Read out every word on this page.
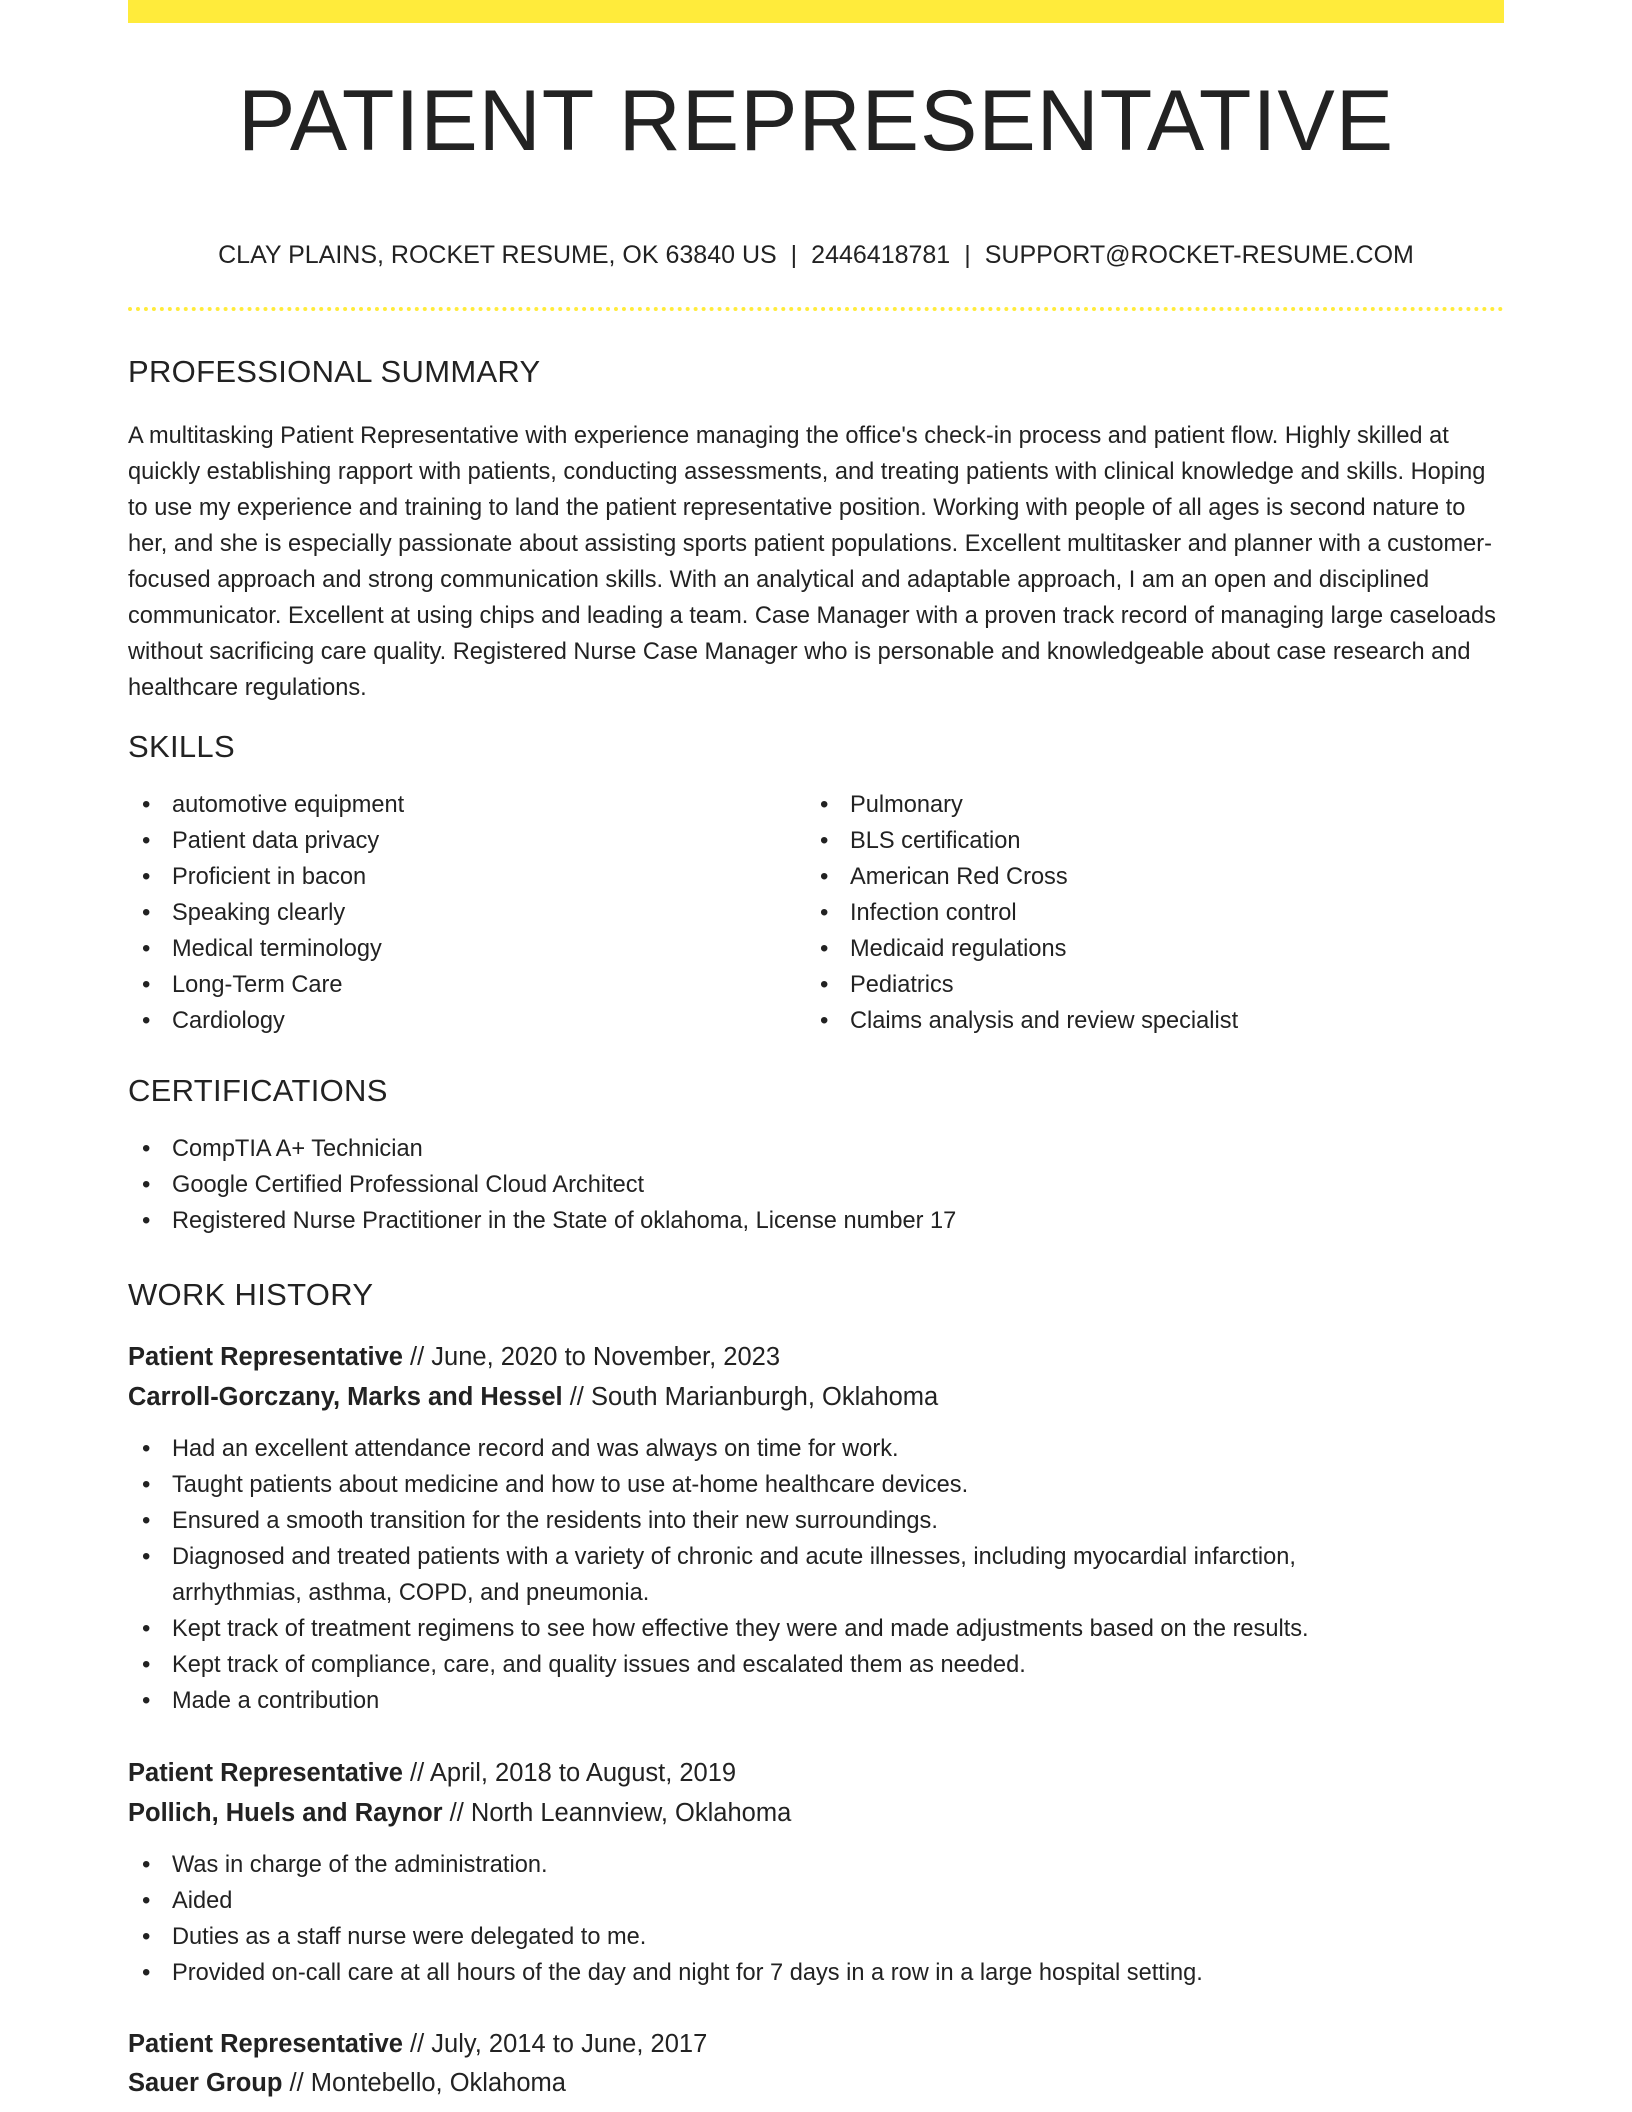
PATIENT REPRESENTATIVE
CLAY PLAINS, ROCKET RESUME, OK 63840 US | 2446418781 | SUPPORT@ROCKET-RESUME.COM
PROFESSIONAL SUMMARY

A multitasking Patient Representative with experience managing the office's check-in process and patient flow. Highly skilled at quickly establishing rapport with patients, conducting assessments, and treating patients with clinical knowledge and skills. Hoping to use my experience and training to land the patient representative position. Working with people of all ages is second nature to her, and she is especially passionate about assisting sports patient populations. Excellent multitasker and planner with a customer-focused approach and strong communication skills. With an analytical and adaptable approach, I am an open and disciplined communicator. Excellent at using chips and leading a team. Case Manager with a proven track record of managing large caseloads without sacrificing care quality. Registered Nurse Case Manager who is personable and knowledgeable about case research and healthcare regulations.

SKILLS
• automotive equipment
• Patient data privacy
• Proficient in bacon
• Speaking clearly
• Medical terminology
• Long-Term Care
• Cardiology
• Pulmonary
• BLS certification
• American Red Cross
• Infection control
• Medicaid regulations
• Pediatrics
• Claims analysis and review specialist
CERTIFICATIONS
• CompTIA A+ Technician
• Google Certified Professional Cloud Architect
• Registered Nurse Practitioner in the State of oklahoma, License number 17
WORK HISTORY
Patient Representative // June, 2020 to November, 2023
Carroll-Gorczany, Marks and Hessel // South Marianburgh, Oklahoma
• Had an excellent attendance record and was always on time for work.
• Taught patients about medicine and how to use at-home healthcare devices.
• Ensured a smooth transition for the residents into their new surroundings.
• Diagnosed and treated patients with a variety of chronic and acute illnesses, including myocardial infarction, arrhythmias, asthma, COPD, and pneumonia.
• Kept track of treatment regimens to see how effective they were and made adjustments based on the results.
• Kept track of compliance, care, and quality issues and escalated them as needed.
• Made a contribution
Patient Representative // April, 2018 to August, 2019
Pollich, Huels and Raynor // North Leannview, Oklahoma
• Was in charge of the administration.
• Aided
• Duties as a staff nurse were delegated to me.
• Provided on-call care at all hours of the day and night for 7 days in a row in a large hospital setting.
Patient Representative // July, 2014 to June, 2017
Sauer Group // Montebello, Oklahoma
